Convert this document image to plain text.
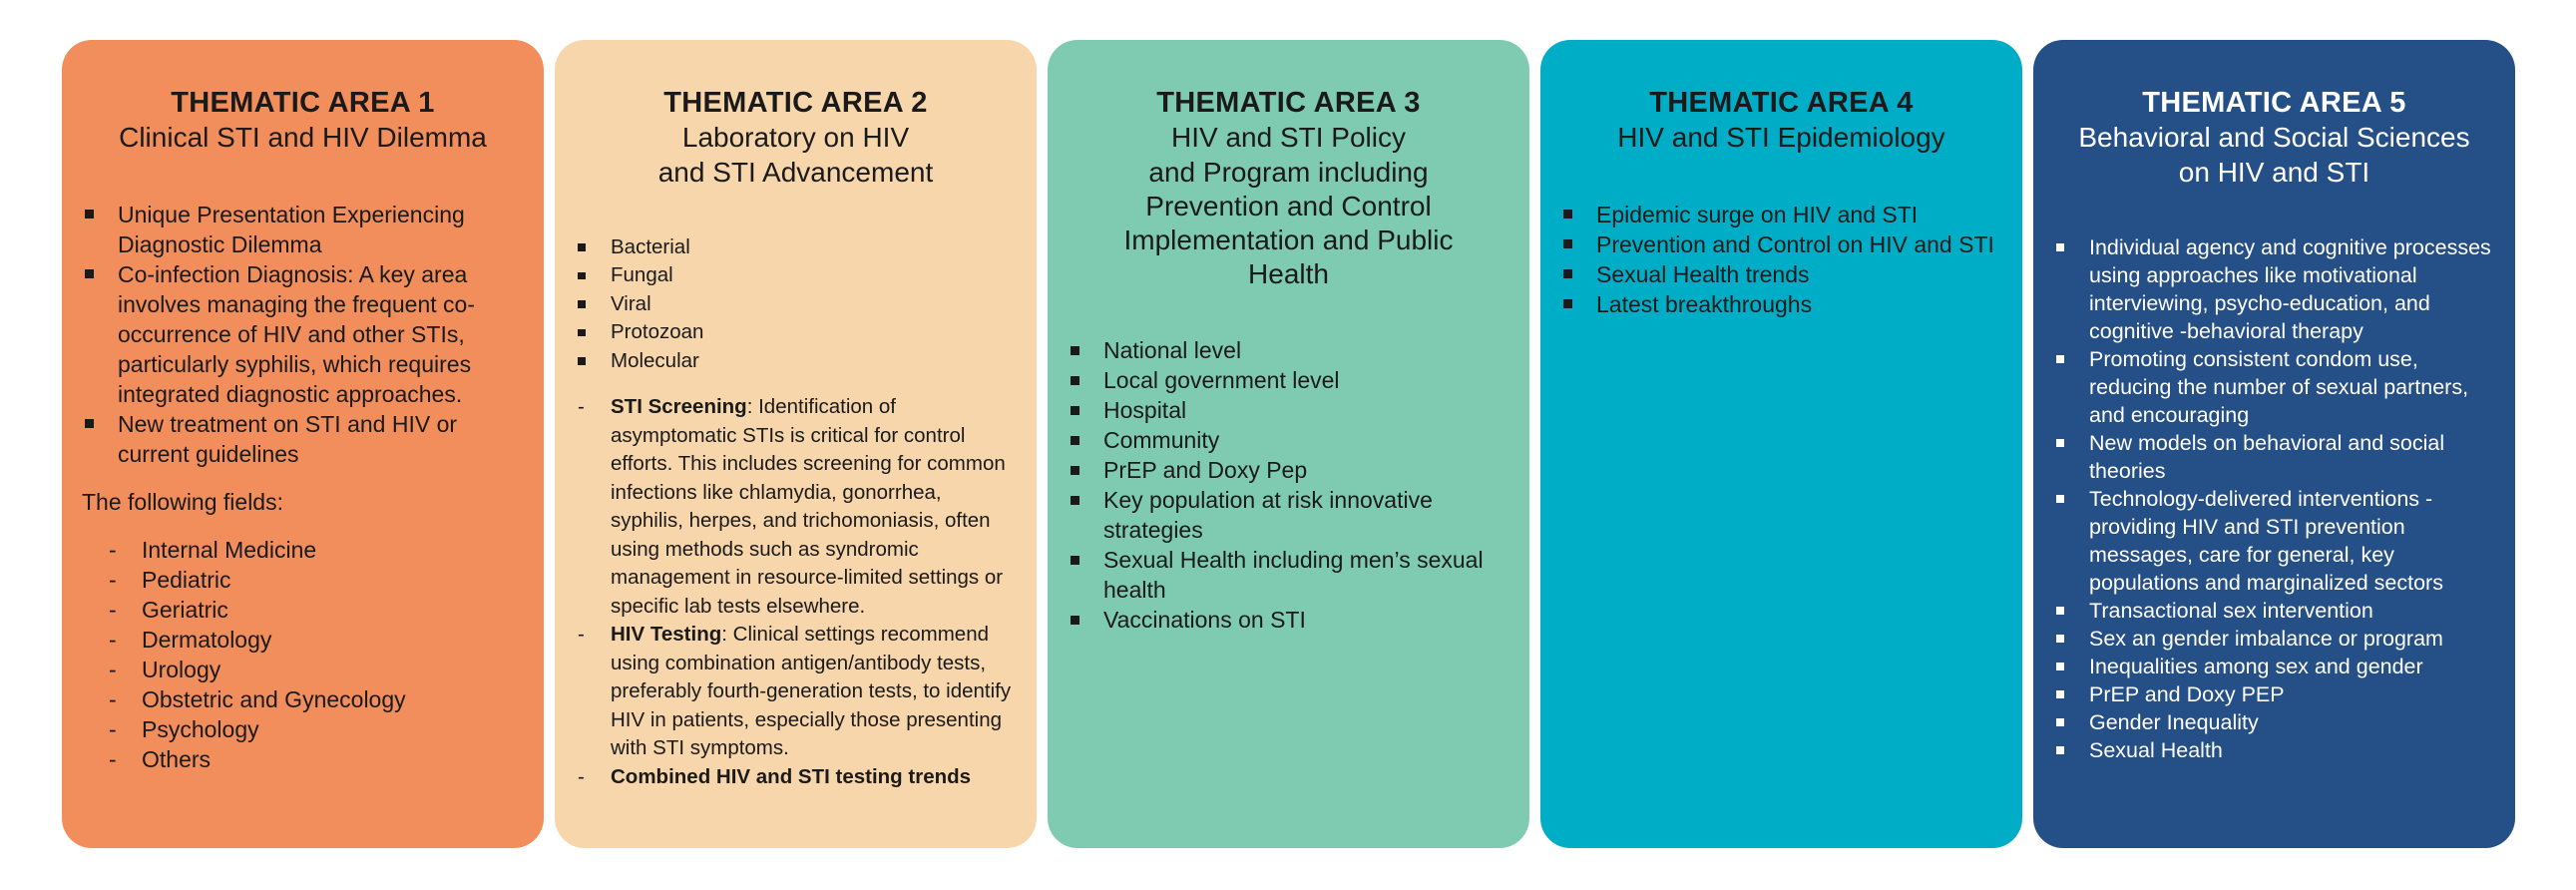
THEMATIC AREA 1
Clinical STI and HIV Dilemma
Unique Presentation Experiencing Diagnostic Dilemma
Co-infection Diagnosis: A key area involves managing the frequent co-occurrence of HIV and other STIs, particularly syphilis, which requires integrated diagnostic approaches.
New treatment on STI and HIV or current guidelines
The following fields:
-	Internal Medicine
-	Pediatric
-	Geriatric
-	Dermatology
-	Urology
-	Obstetric and Gynecology
-	Psychology
-	Others
THEMATIC AREA 2
Laboratory on HIV
and STI Advancement
Bacterial
Fungal
Viral
Protozoan
Molecular
-	STI Screening: Identification of asymptomatic STIs is critical for control efforts. This includes screening for common infections like chlamydia, gonorrhea, syphilis, herpes, and trichomoniasis, often using methods such as syndromic management in resource-limited settings or specific lab tests elsewhere.
-	HIV Testing: Clinical settings recommend using combination antigen/antibody tests, preferably fourth-generation tests, to identify HIV in patients, especially those presenting with STI symptoms.
-	Combined HIV and STI testing trends
THEMATIC AREA 3
HIV and STI Policy
and Program including
Prevention and Control
Implementation and Public
Health
National level
Local government level
Hospital
Community
PrEP and Doxy Pep
Key population at risk innovative strategies
Sexual Health including men’s sexual health
Vaccinations on STI
THEMATIC AREA 4
HIV and STI Epidemiology
Epidemic surge on HIV and STI
Prevention and Control on HIV and STI
Sexual Health trends
Latest breakthroughs
THEMATIC AREA 5
Behavioral and Social Sciences
on HIV and STI
Individual agency and cognitive processes using approaches like motivational interviewing, psycho-education, and cognitive -behavioral therapy
Promoting consistent condom use, reducing the number of sexual partners, and encouraging
New models on behavioral and social theories
Technology-delivered interventions - providing HIV and STI prevention messages, care for general, key populations and marginalized sectors
Transactional sex intervention
Sex an gender imbalance or program
Inequalities among sex and gender
PrEP and Doxy PEP
Gender Inequality
Sexual Health
